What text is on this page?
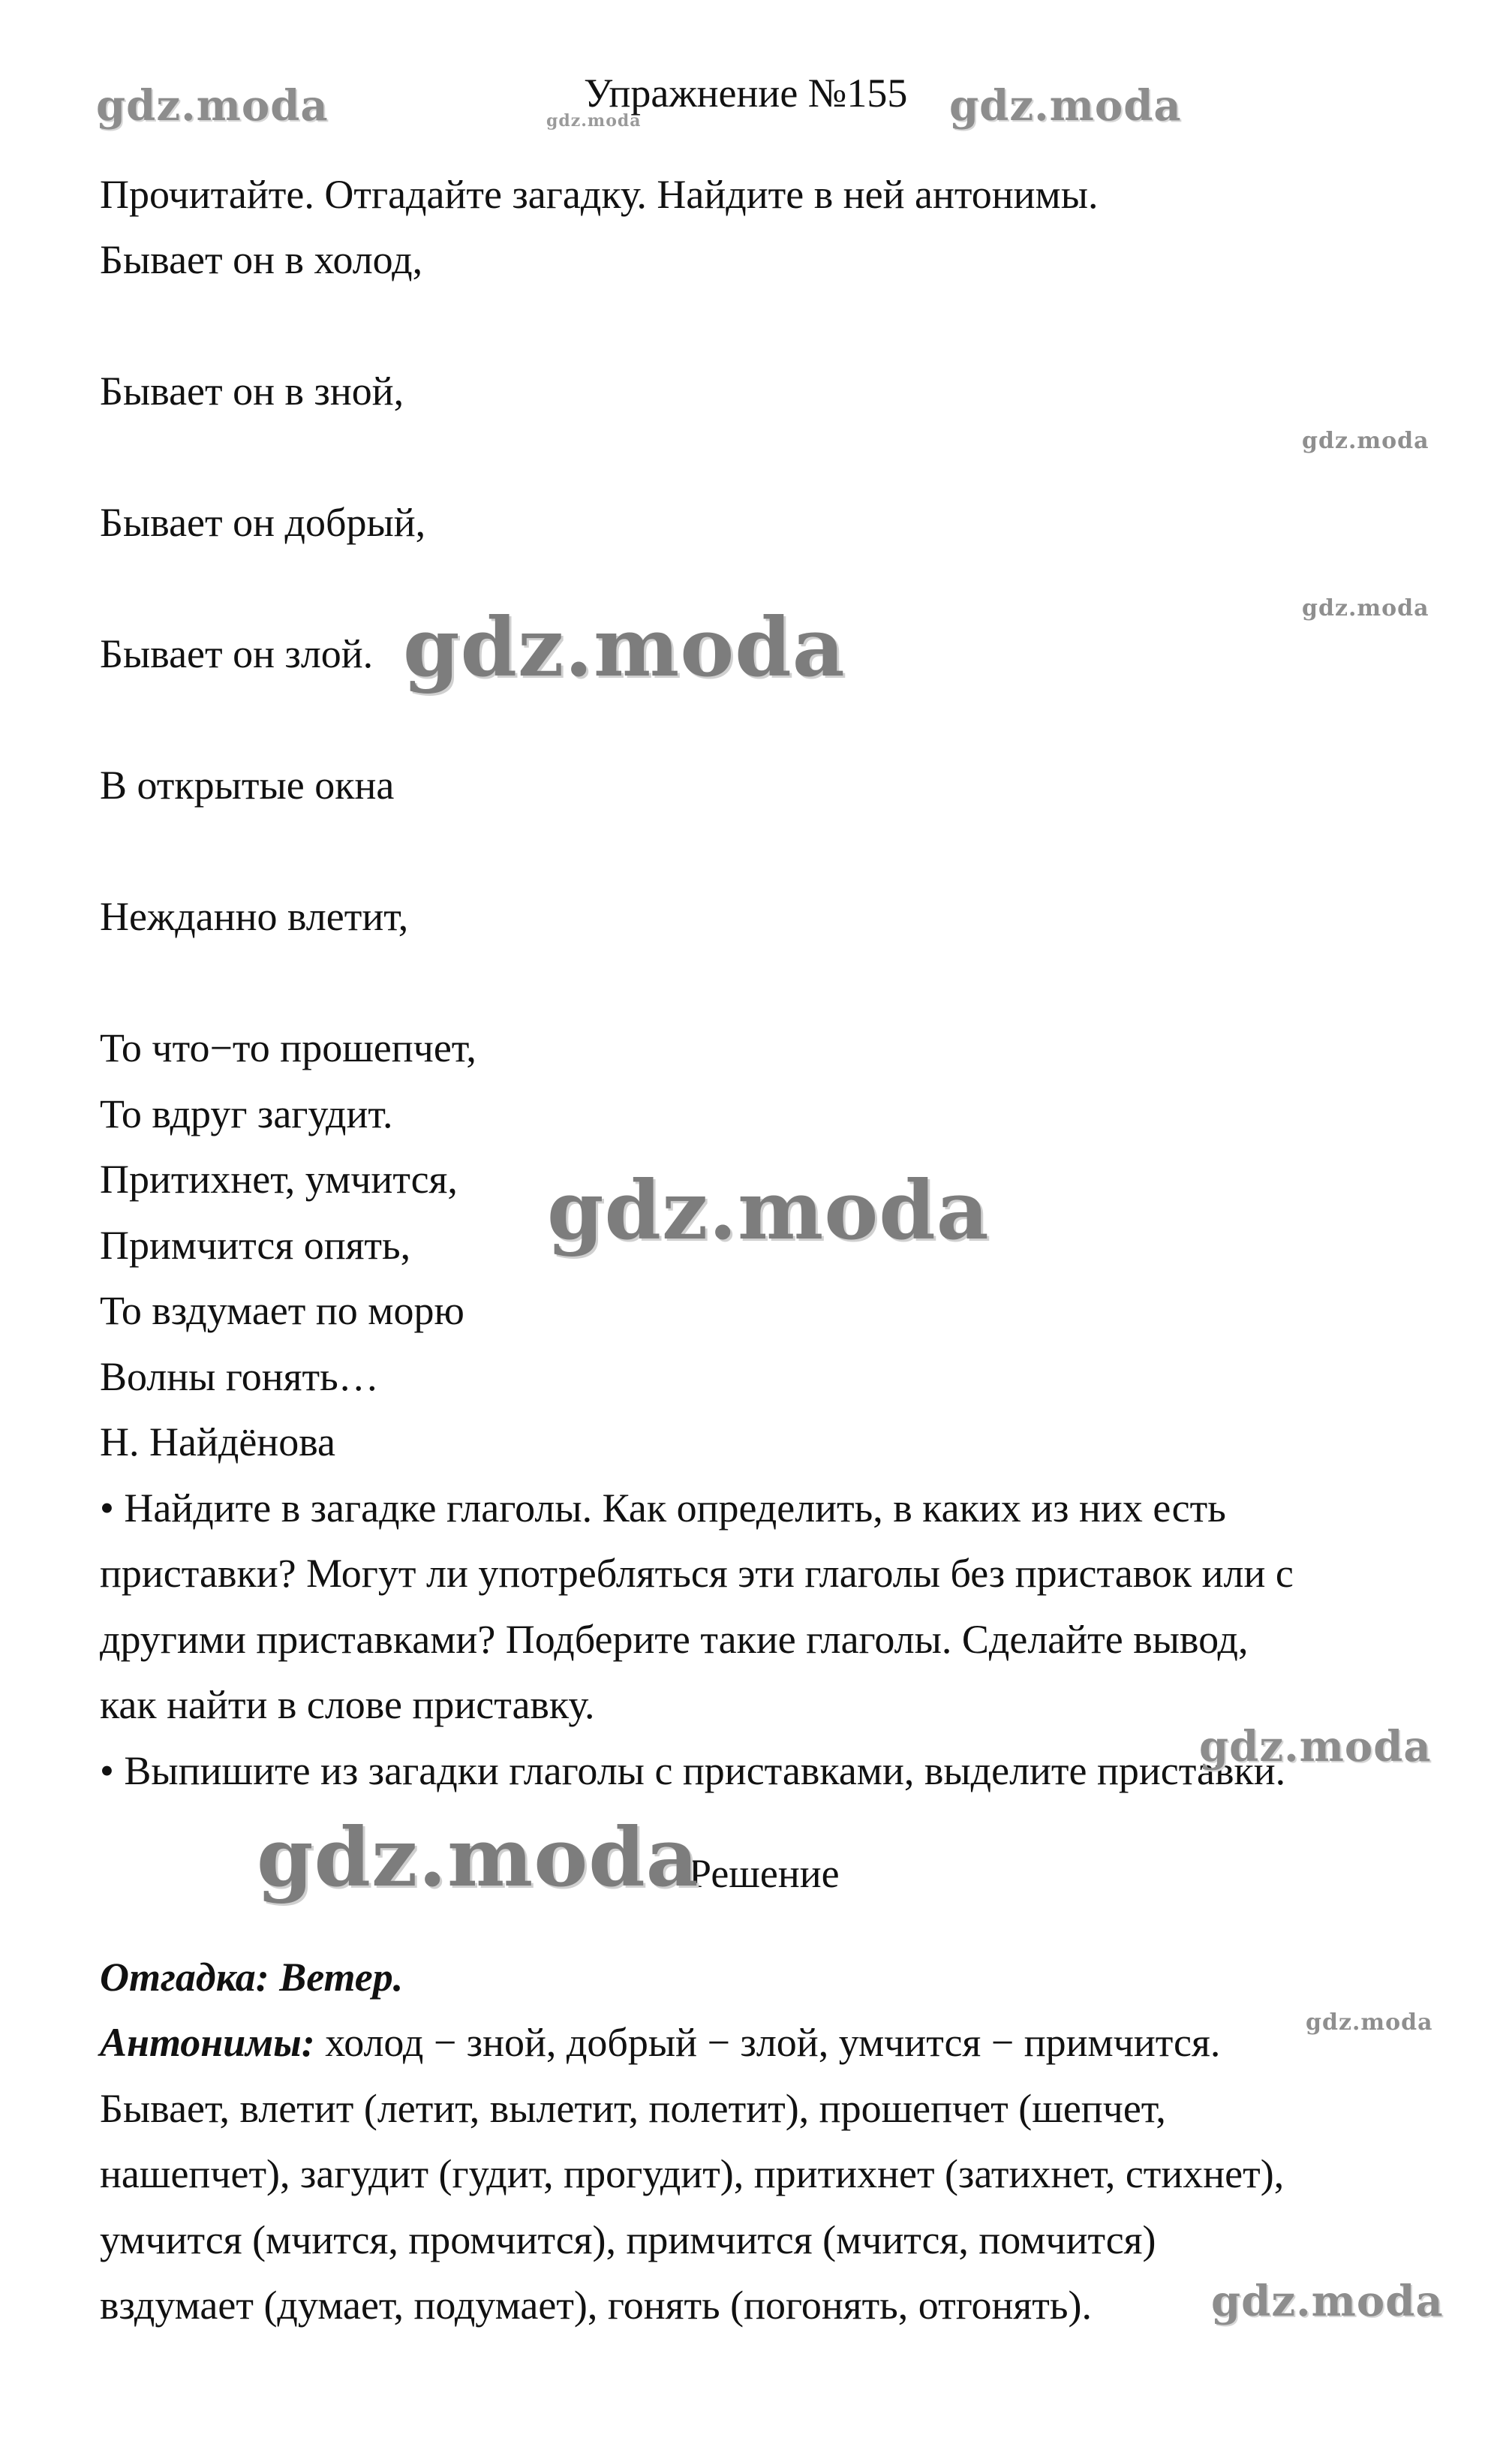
Упражнение №155
Прочитайте. Отгадайте загадку. Найдите в ней антонимы.
Бывает он в холод,
Бывает он в зной,
Бывает он добрый,
Бывает он злой.
В открытые окна
Нежданно влетит,
То что−то прошепчет,
То вдруг загудит.
Притихнет, умчится,
Примчится опять,
То вздумает по морю
Волны гонять…
Н. Найдёнова
• Найдите в загадке глаголы. Как определить, в каких из них есть
приставки? Могут ли употребляться эти глаголы без приставок или с
другими приставками? Подберите такие глаголы. Сделайте вывод,
как найти в слове приставку.
• Выпишите из загадки глаголы с приставками, выделите приставки.
Решение
Отгадка: Ветер.
Антонимы: холод − зной, добрый − злой, умчится − примчится.
Бывает, влетит (летит, вылетит, полетит), прошепчет (шепчет,
нашепчет), загудит (гудит, прогудит), притихнет (затихнет, стихнет),
умчится (мчится, промчится), примчится (мчится, помчится)
вздумает (думает, подумает), гонять (погонять, отгонять).
gdz.moda	gdz.moda	gdz.moda
gdz.moda
gdz.moda
gdz.moda
gdz.moda
gdz.moda
gdz.moda
gdz.moda
gdz.moda
